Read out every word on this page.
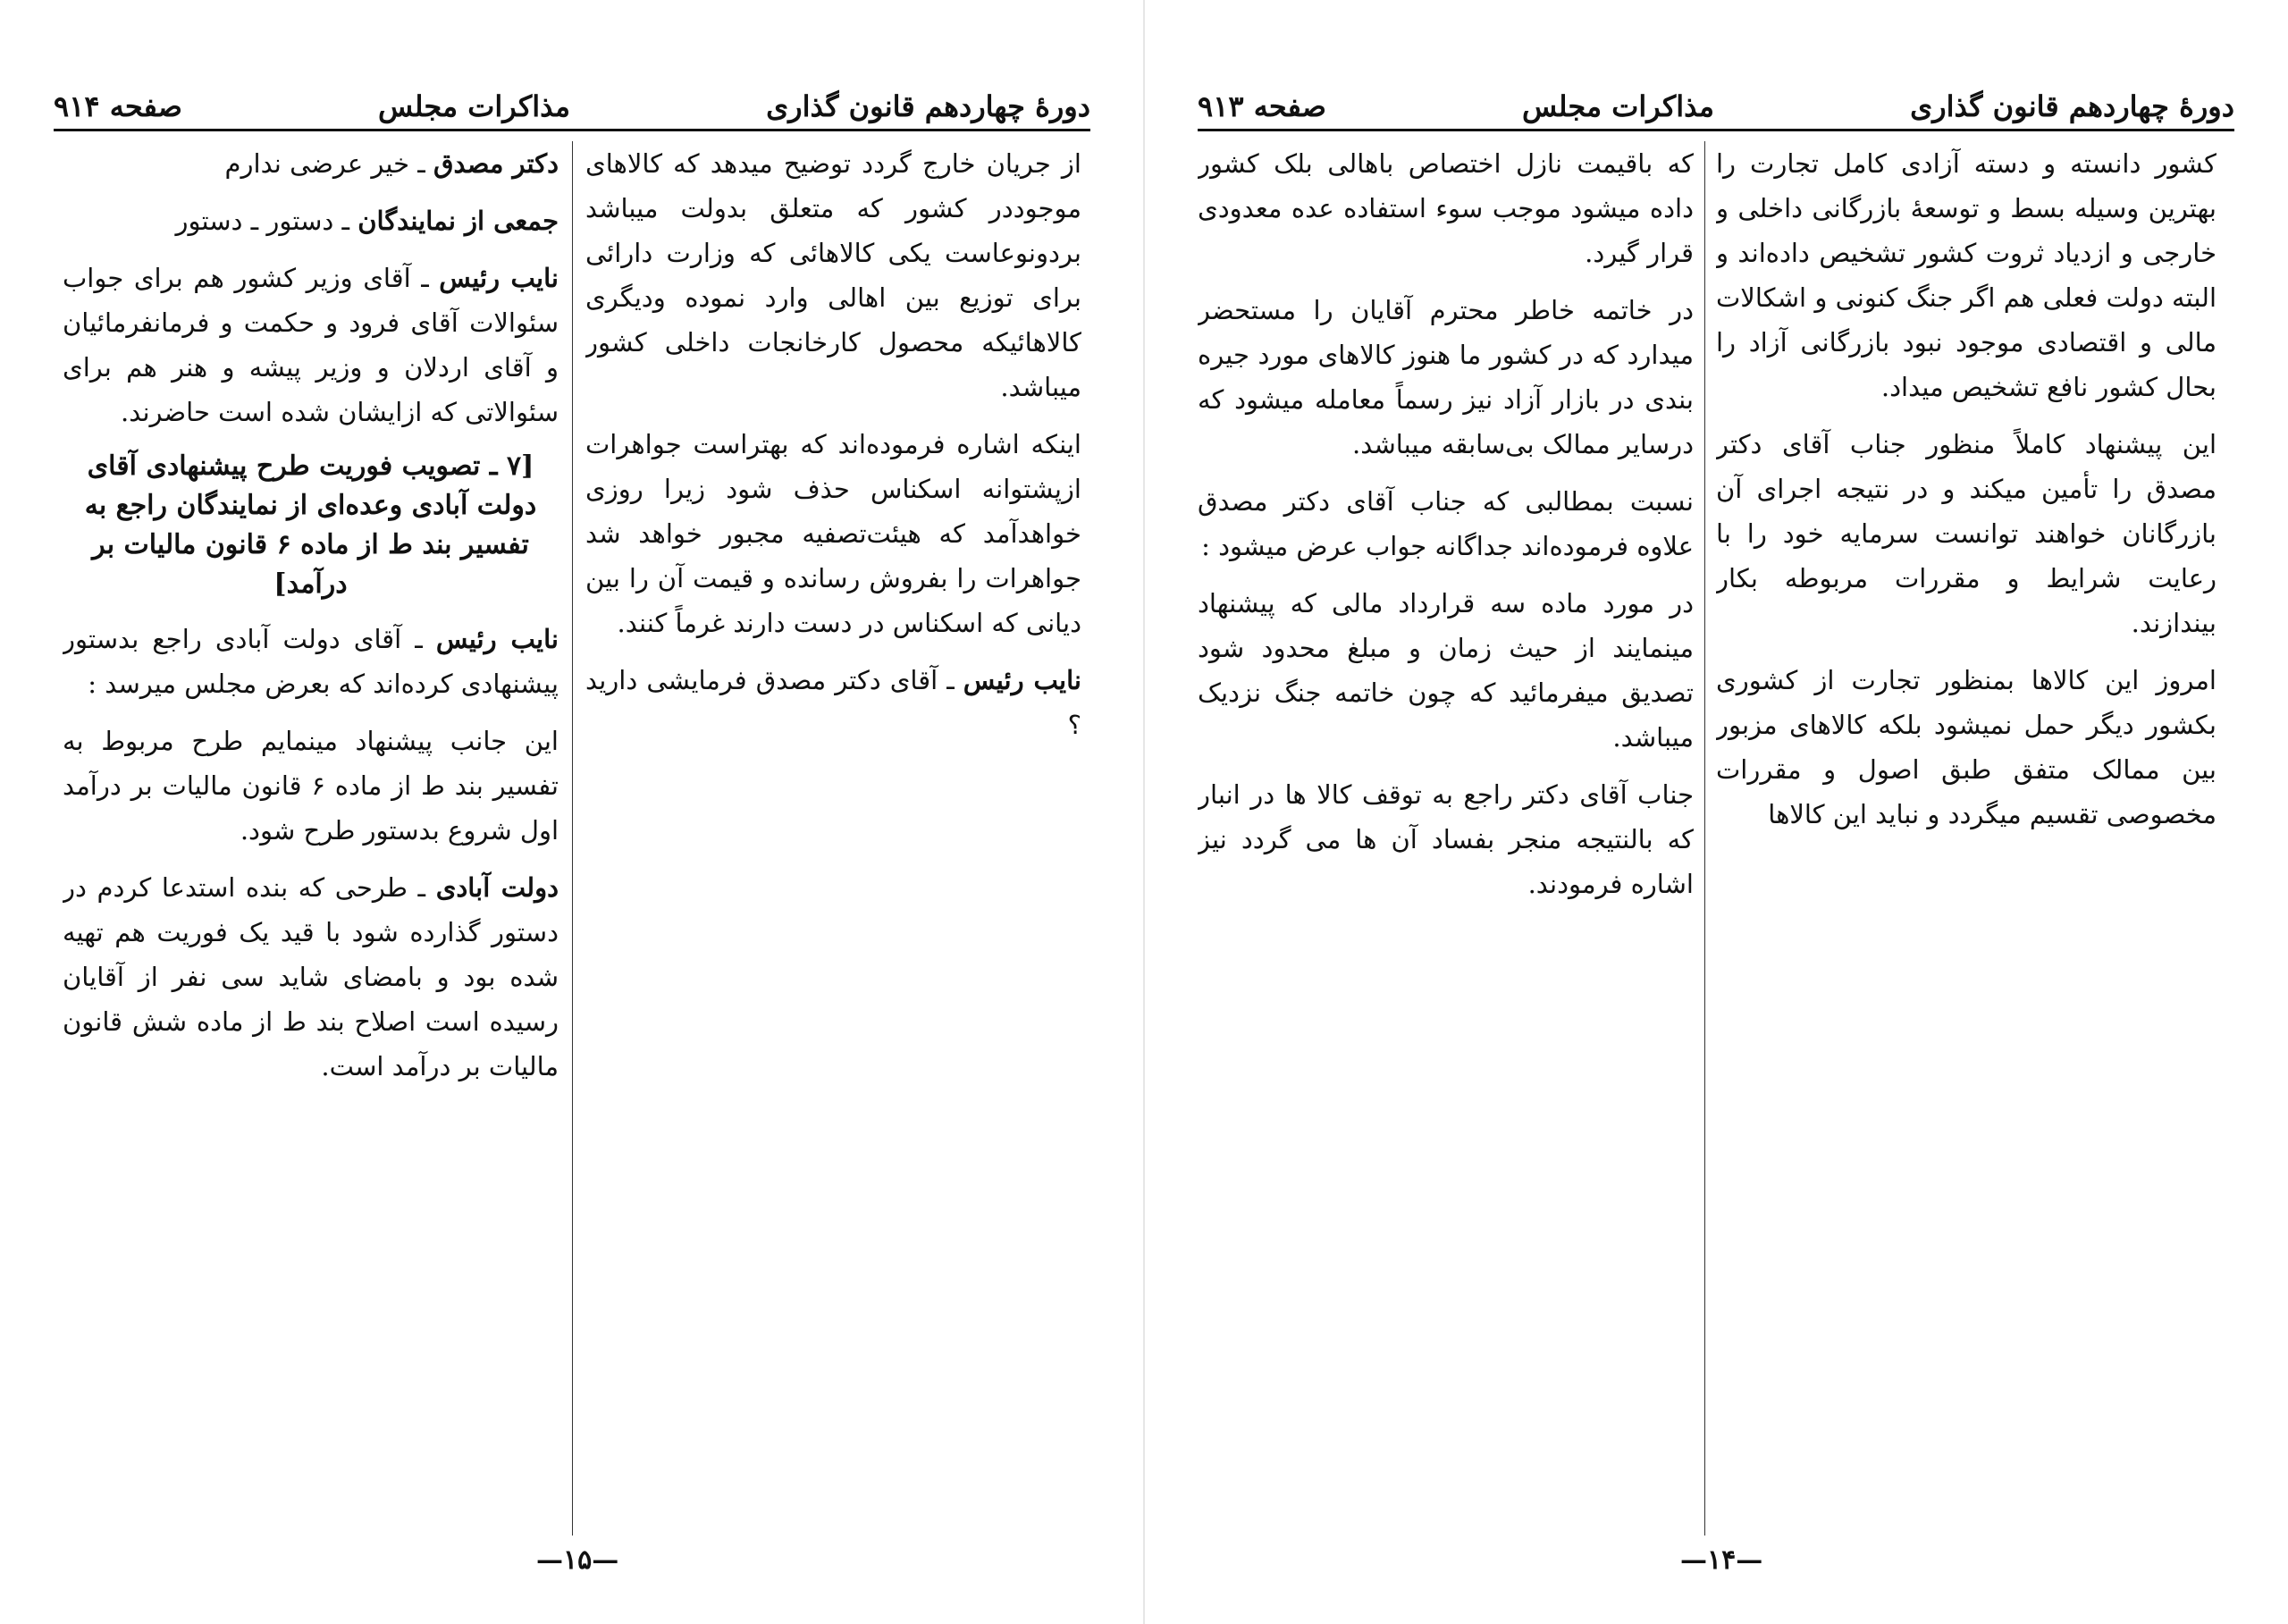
دورهٔ چهاردهم قانون گذاری
مذاکرات مجلس
صفحه ۹۱۴

از جریان خارج گردد توضیح میدهد که کالاهای موجوددر کشور که متعلق بدولت میباشد بردونوعاست یکی کالاهائی که وزارت دارائی برای توزیع بین اهالی وارد نموده ودیگری کالاهائیکه محصول کارخانجات داخلی کشور میباشد.

اینکه اشاره فرموده‌اند که بهتراست جواهرات ازپشتوانه اسکناس حذف شود زیرا روزی خواهدآمد که هیئت‌تصفیه مجبور خواهد شد جواهرات را بفروش رسانده و قیمت آن را بین دیانی که اسکناس در دست دارند غرماً کنند.

نایب رئیس ـ آقای دکتر مصدق فرمایشی دارید ؟

دکتر مصدق ـ خیر عرضی ندارم

جمعی از نمایندگان ـ دستور ـ دستور

نایب رئیس ـ آقای وزیر کشور هم برای جواب سئوالات آقای فرود و حکمت و فرمانفرمائیان و آقای اردلان و وزیر پیشه و هنر هم برای سئوالاتی که ازایشان شده است حاضرند.

[۷ ـ تصویب فوریت طرح پیشنهادی آقای دولت آبادی وعده‌ای از نمایندگان راجع به تفسیر بند ط از ماده ۶ قانون مالیات بر درآمد]

نایب رئیس ـ آقای دولت آبادی راجع بدستور پیشنهادی کرده‌اند که بعرض مجلس میرسد :

این جانب پیشنهاد مینمایم طرح مربوط به تفسیر بند ط از ماده ۶ قانون مالیات بر درآمد اول شروع بدستور طرح شود.

دولت آبادی ـ طرحی که بنده استدعا کردم در دستور گذارده شود با قید یک فوریت هم تهیه شده بود و بامضای شاید سی نفر از آقایان رسیده است اصلاح بند ط از ماده شش قانون مالیات بر درآمد است.

—۱۵—
دورهٔ چهاردهم قانون گذاری
مذاکرات مجلس
صفحه ۹۱۳

کشور دانسته و دسته آزادی کامل تجارت را بهترین وسیله بسط و توسعهٔ بازرگانی داخلی و خارجی و ازدیاد ثروت کشور تشخیص داده‌اند و البته دولت فعلی هم اگر جنگ کنونی و اشکالات مالی و اقتصادی موجود نبود بازرگانی آزاد را بحال کشور نافع تشخیص میداد.

این پیشنهاد کاملاً منظور جناب آقای دکتر مصدق را تأمین میکند و در نتیجه اجرای آن بازرگانان خواهند توانست سرمایه خود را با رعایت شرایط و مقررات مربوطه بکار بیندازند.

امروز این کالاها بمنظور تجارت از کشوری بکشور دیگر حمل نمیشود بلکه کالاهای مزبور بین ممالک متفق طبق اصول و مقررات مخصوصی تقسیم میگردد و نباید این کالاها

که باقیمت نازل اختصاص باهالی بلک کشور داده میشود موجب سوء استفاده عده معدودی قرار گیرد.

در خاتمه خاطر محترم آقایان را مستحضر میدارد که در کشور ما هنوز کالاهای مورد جیره بندی در بازار آزاد نیز رسماً معامله میشود که درسایر ممالک بی‌سابقه میباشد.

نسبت بمطالبی که جناب آقای دکتر مصدق علاوه فرموده‌اند جداگانه جواب عرض میشود :

در مورد ماده سه قرارداد مالی که پیشنهاد مینمایند از حیث زمان و مبلغ محدود شود تصدیق میفرمائید که چون خاتمه جنگ نزدیک میباشد.

جناب آقای دکتر راجع به توقف کالا ها در انبار که بالنتیجه منجر بفساد آن ها می گردد نیز اشاره فرمودند.

—۱۴—
